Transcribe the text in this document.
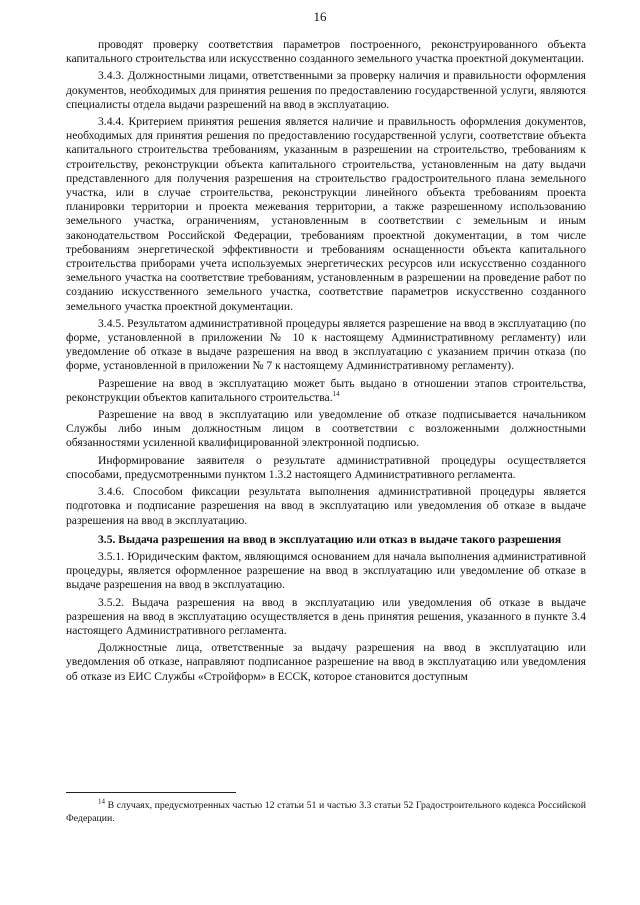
16

проводят проверку соответствия параметров построенного, реконструированного объекта капитального строительства или искусственно созданного земельного участка проектной документации.

3.4.3. Должностными лицами, ответственными за проверку наличия и правильности оформления документов, необходимых для принятия решения по предоставлению государственной услуги, являются специалисты отдела выдачи разрешений на ввод в эксплуатацию.

3.4.4. Критерием принятия решения является наличие и правильность оформления документов, необходимых для принятия решения по предоставлению государственной услуги, соответствие объекта капитального строительства требованиям, указанным в разрешении на строительство, требованиям к строительству, реконструкции объекта капитального строительства, установленным на дату выдачи представленного для получения разрешения на строительство градостроительного плана земельного участка, или в случае строительства, реконструкции линейного объекта требованиям проекта планировки территории и проекта межевания территории, а также разрешенному использованию земельного участка, ограничениям, установленным в соответствии с земельным и иным законодательством Российской Федерации, требованиям проектной документации, в том числе требованиям энергетической эффективности и требованиям оснащенности объекта капитального строительства приборами учета используемых энергетических ресурсов или искусственно созданного земельного участка на соответствие требованиям, установленным в разрешении на проведение работ по созданию искусственного земельного участка, соответствие параметров искусственно созданного земельного участка проектной документации.

3.4.5. Результатом административной процедуры является разрешение на ввод в эксплуатацию (по форме, установленной в приложении № 10 к настоящему Административному регламенту) или уведомление об отказе в выдаче разрешения на ввод в эксплуатацию с указанием причин отказа (по форме, установленной в приложении № 7 к настоящему Административному регламенту).

Разрешение на ввод в эксплуатацию может быть выдано в отношении этапов строительства, реконструкции объектов капитального строительства.$^{14}$

Разрешение на ввод в эксплуатацию или уведомление об отказе подписывается начальником Службы либо иным должностным лицом в соответствии с возложенными должностными обязанностями усиленной квалифицированной электронной подписью.

Информирование заявителя о результате административной процедуры осуществляется способами, предусмотренными пунктом 1.3.2 настоящего Административного регламента.

3.4.6. Способом фиксации результата выполнения административной процедуры является подготовка и подписание разрешения на ввод в эксплуатацию или уведомления об отказе в выдаче разрешения на ввод в эксплуатацию.

3.5. Выдача разрешения на ввод в эксплуатацию или отказ в выдаче такого разрешения

3.5.1. Юридическим фактом, являющимся основанием для начала выполнения административной процедуры, является оформленное разрешение на ввод в эксплуатацию или уведомление об отказе в выдаче разрешения на ввод в эксплуатацию.

3.5.2. Выдача разрешения на ввод в эксплуатацию или уведомления об отказе в выдаче разрешения на ввод в эксплуатацию осуществляется в день принятия решения, указанного в пункте 3.4 настоящего Административного регламента.

Должностные лица, ответственные за выдачу разрешения на ввод в эксплуатацию или уведомления об отказе, направляют подписанное разрешение на ввод в эксплуатацию или уведомления об отказе из ЕИС Службы «Стройформ» в ЕССК, которое становится доступным

$^{14}$ В случаях, предусмотренных частью 12 статьи 51 и частью 3.3 статьи 52 Градостроительного кодекса Российской Федерации.
